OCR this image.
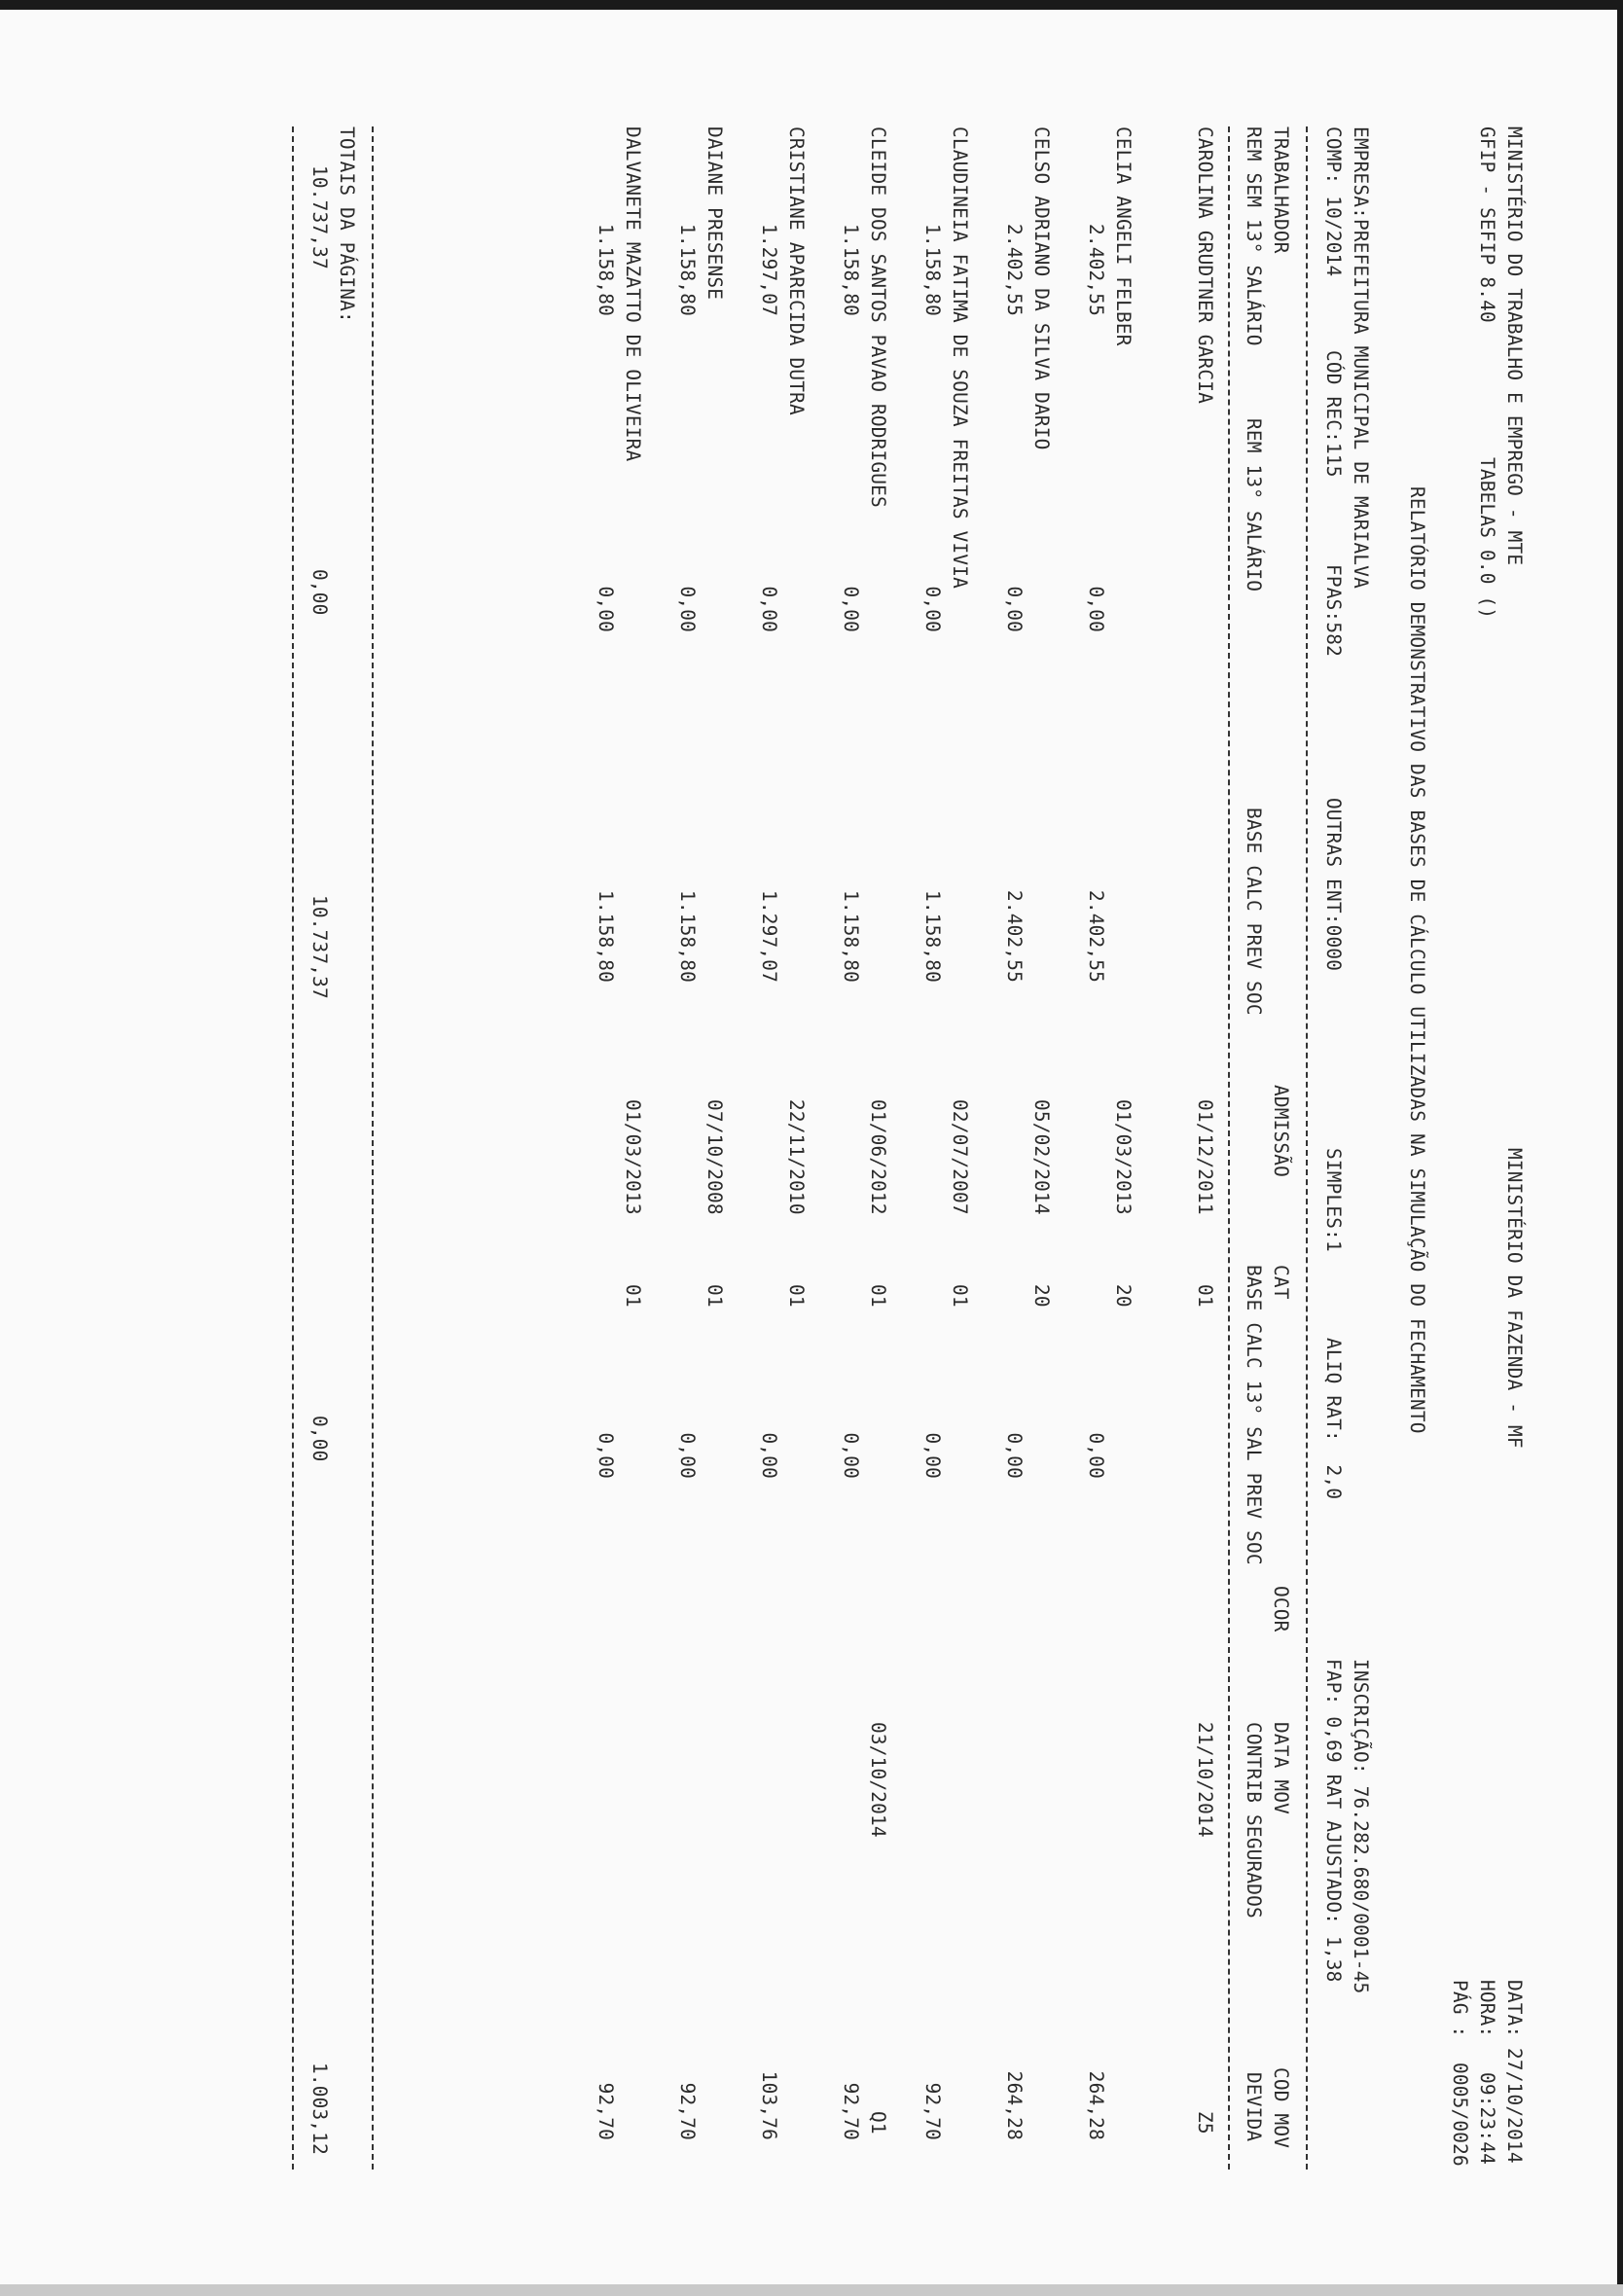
MINISTÉRIO DO TRABALHO E EMPREGO - MTE
MINISTÉRIO DA FAZENDA - MF
DATA:
27/10/2014
GFIP - SEFIP 8.40
TABELAS 0.0 ()
HORA:
09:23:44
PÁG :
0005/0026
RELATÓRIO DEMONSTRATIVO DAS BASES DE CÁLCULO UTILIZADAS NA SIMULAÇÃO DO FECHAMENTO
EMPRESA:PREFEITURA MUNICIPAL DE MARIALVA
INSCRIÇÃO: 76.282.680/0001-45
COMP: 10/2014
CÓD REC:115
FPAS:582
OUTRAS ENT:0000
SIMPLES:1
ALIQ RAT:  2,0
FAP: 0,69 RAT AJUSTADO: 1,38
TRABALHADOR
ADMISSÃO
CAT
OCOR
DATA MOV
COD MOV
REM SEM 13° SALÁRIO
REM 13° SALÁRIO
BASE CALC PREV SOC
BASE CALC 13° SAL PREV SOC
CONTRIB SEGURADOS
DEVIDA
CAROLINA GRUDTNER GARCIA
01/12/2011
01
21/10/2014
Z5
CELIA ANGELI FELBER
01/03/2013
20
2.402,55
0,00
2.402,55
0,00
264,28
CELSO ADRIANO DA SILVA DARIO
05/02/2014
20
2.402,55
0,00
2.402,55
0,00
264,28
CLAUDINEIA FATIMA DE SOUZA FREITAS VIVIA
02/07/2007
01
1.158,80
0,00
1.158,80
0,00
92,70
CLEIDE DOS SANTOS PAVAO RODRIGUES
01/06/2012
01
03/10/2014
Q1
1.158,80
0,00
1.158,80
0,00
92,70
CRISTIANE APARECIDA DUTRA
22/11/2010
01
1.297,07
0,00
1.297,07
0,00
103,76
DAIANE PRESENSE
07/10/2008
01
1.158,80
0,00
1.158,80
0,00
92,70
DALVANETE MAZATTO DE OLIVEIRA
01/03/2013
01
1.158,80
0,00
1.158,80
0,00
92,70
TOTAIS DA PÁGINA:
10.737,37
0,00
10.737,37
0,00
1.003,12
